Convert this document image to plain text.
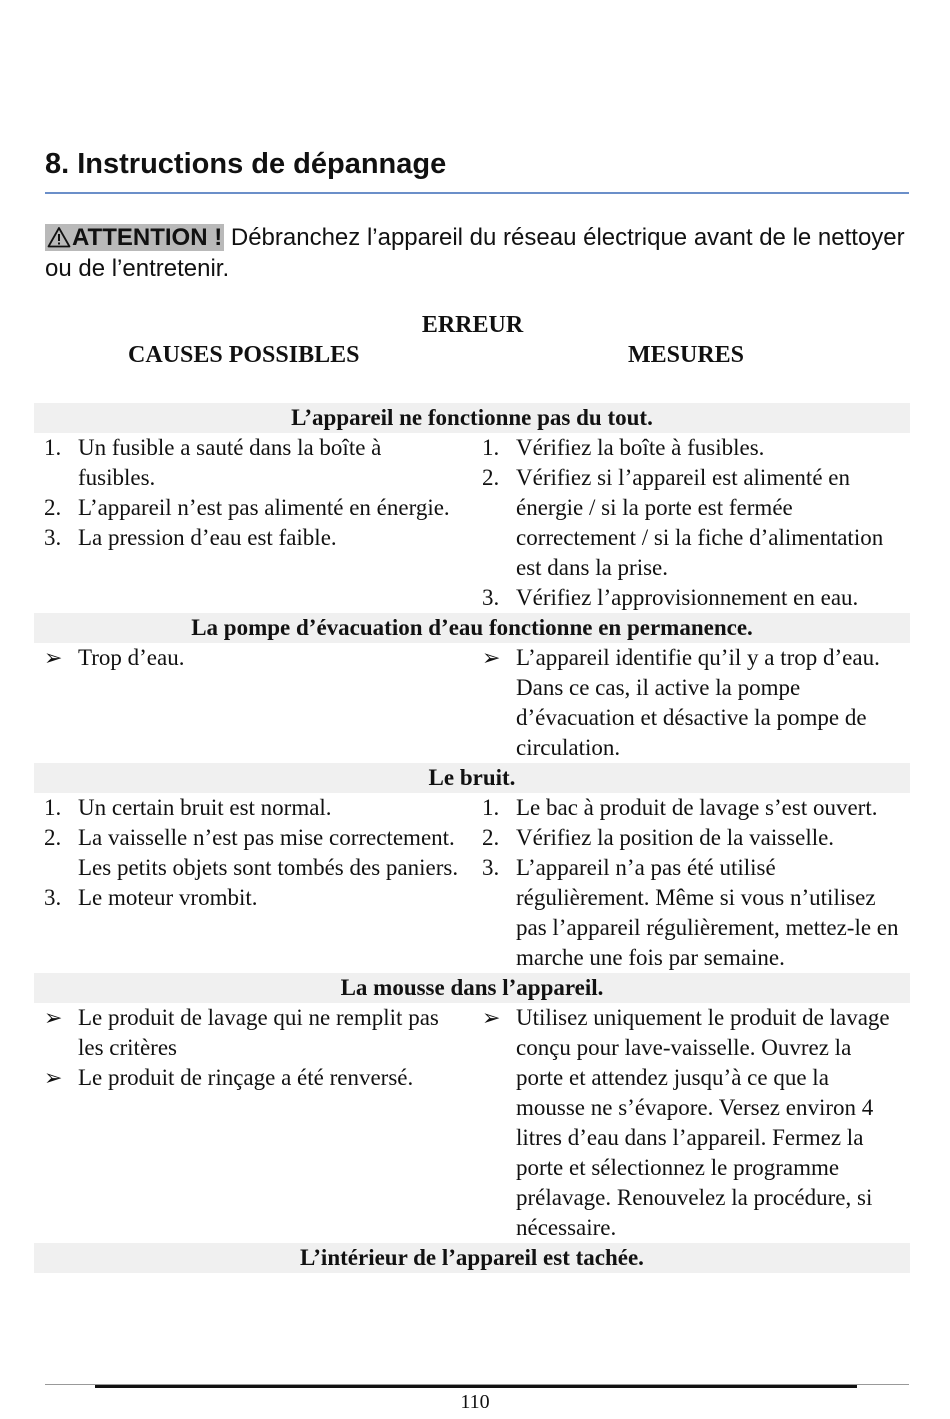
8. Instructions de dépannage
ATTENTION ! Débranchez l’appareil du réseau électrique avant de le nettoyer ou de l’entretenir.
ERREUR
CAUSES POSSIBLES	MESURES
L’appareil ne fonctionne pas du tout.
1. Un fusible a sauté dans la boîte à fusibles.
2. L’appareil n’est pas alimenté en énergie.
3. La pression d’eau est faible.
1. Vérifiez la boîte à fusibles.
2. Vérifiez si l’appareil est alimenté en énergie / si la porte est fermée correctement / si la fiche d’alimentation est dans la prise.
3. Vérifiez l’approvisionnement en eau.
La pompe d’évacuation d’eau fonctionne en permanence.
➢ Trop d’eau.	➢ L’appareil identifie qu’il y a trop d’eau. Dans ce cas, il active la pompe d’évacuation et désactive la pompe de circulation.
Le bruit.
1. Un certain bruit est normal.
2. La vaisselle n’est pas mise correctement. Les petits objets sont tombés des paniers.
3. Le moteur vrombit.
1. Le bac à produit de lavage s’est ouvert.
2. Vérifiez la position de la vaisselle.
3. L’appareil n’a pas été utilisé régulièrement. Même si vous n’utilisez pas l’appareil régulièrement, mettez-le en marche une fois par semaine.
La mousse dans l’appareil.
➢ Le produit de lavage qui ne remplit pas les critères
➢ Le produit de rinçage a été renversé.
➢ Utilisez uniquement le produit de lavage conçu pour lave-vaisselle. Ouvrez la porte et attendez jusqu’à ce que la mousse ne s’évapore. Versez environ 4 litres d’eau dans l’appareil. Fermez la porte et sélectionnez le programme prélavage. Renouvelez la procédure, si nécessaire.
L’intérieur de l’appareil est tachée.
110
